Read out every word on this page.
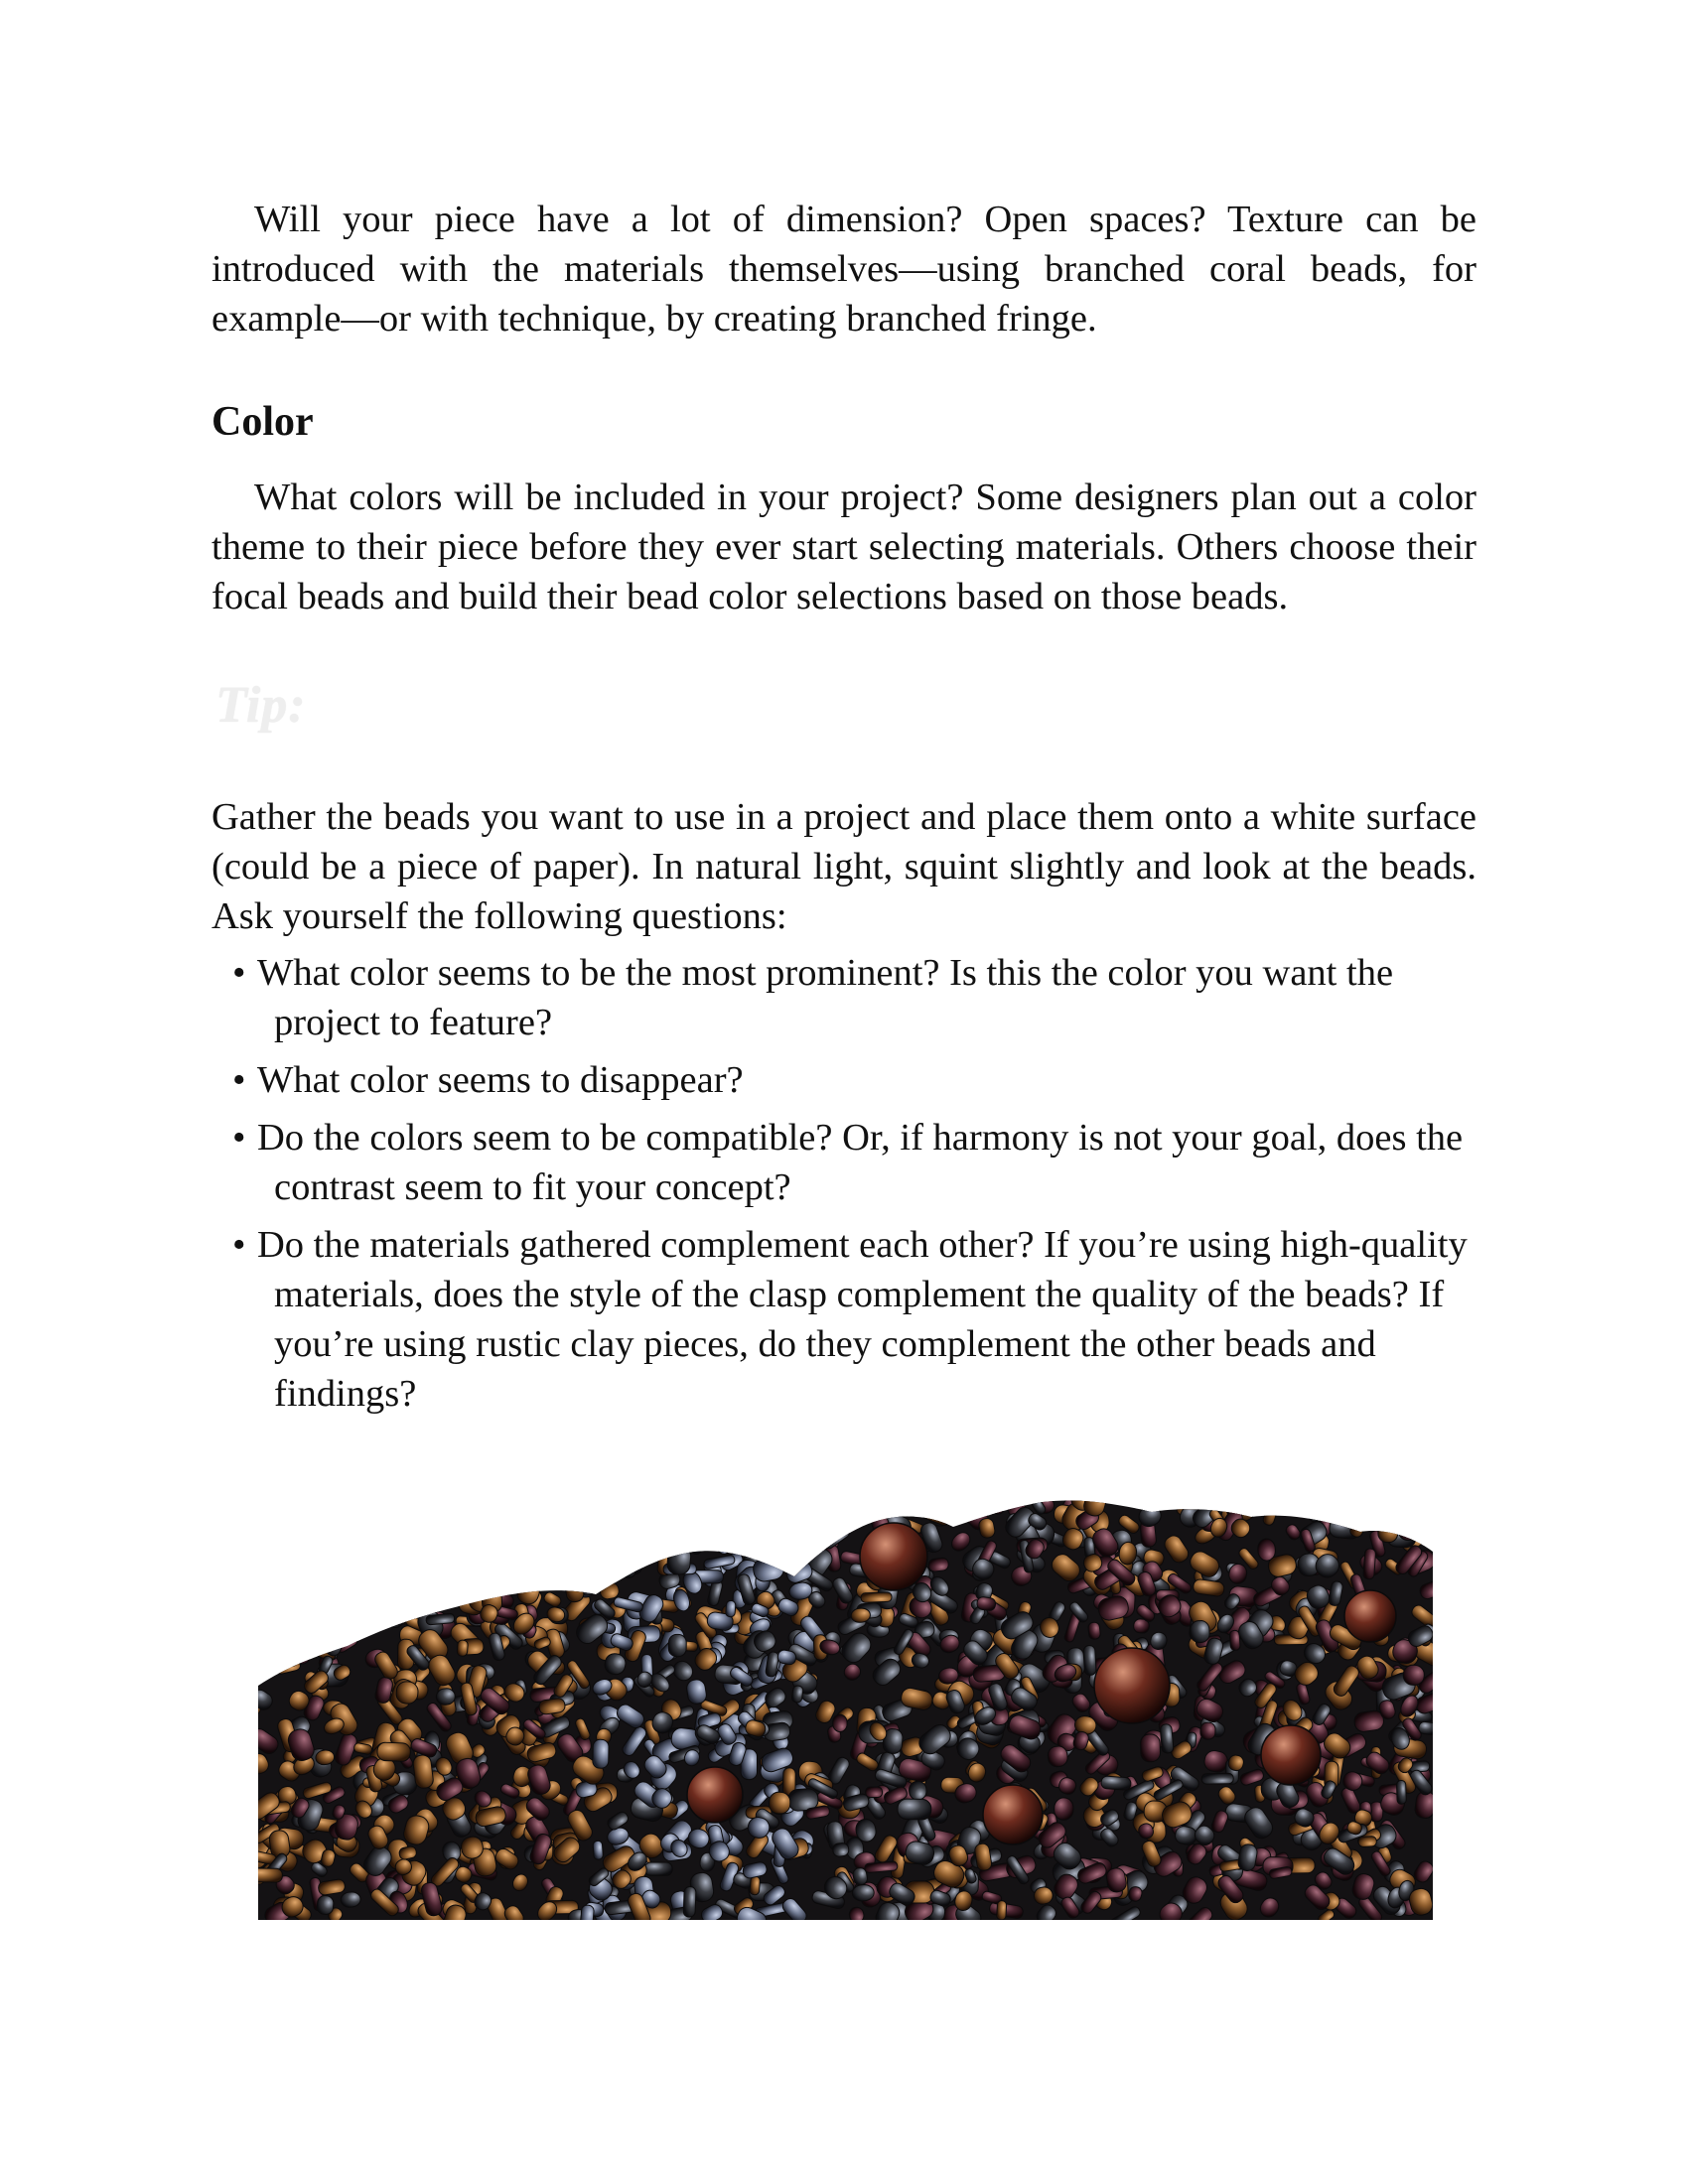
Will your piece have a lot of dimension? Open spaces? Texture can be introduced with the materials themselves—using branched coral beads, for example—or with technique, by creating branched fringe.

Color

What colors will be included in your project? Some designers plan out a color theme to their piece before they ever start selecting materials. Others choose their focal beads and build their bead color selections based on those beads.

Tip:

Gather the beads you want to use in a project and place them onto a white surface (could be a piece of paper). In natural light, squint slightly and look at the beads. Ask yourself the following questions:

• What color seems to be the most prominent? Is this the color you want the project to feature?
• What color seems to disappear?
• Do the colors seem to be compatible? Or, if harmony is not your goal, does the contrast seem to fit your concept?
• Do the materials gathered complement each other? If you’re using high-quality materials, does the style of the clasp complement the quality of the beads? If you’re using rustic clay pieces, do they complement the other beads and findings?
